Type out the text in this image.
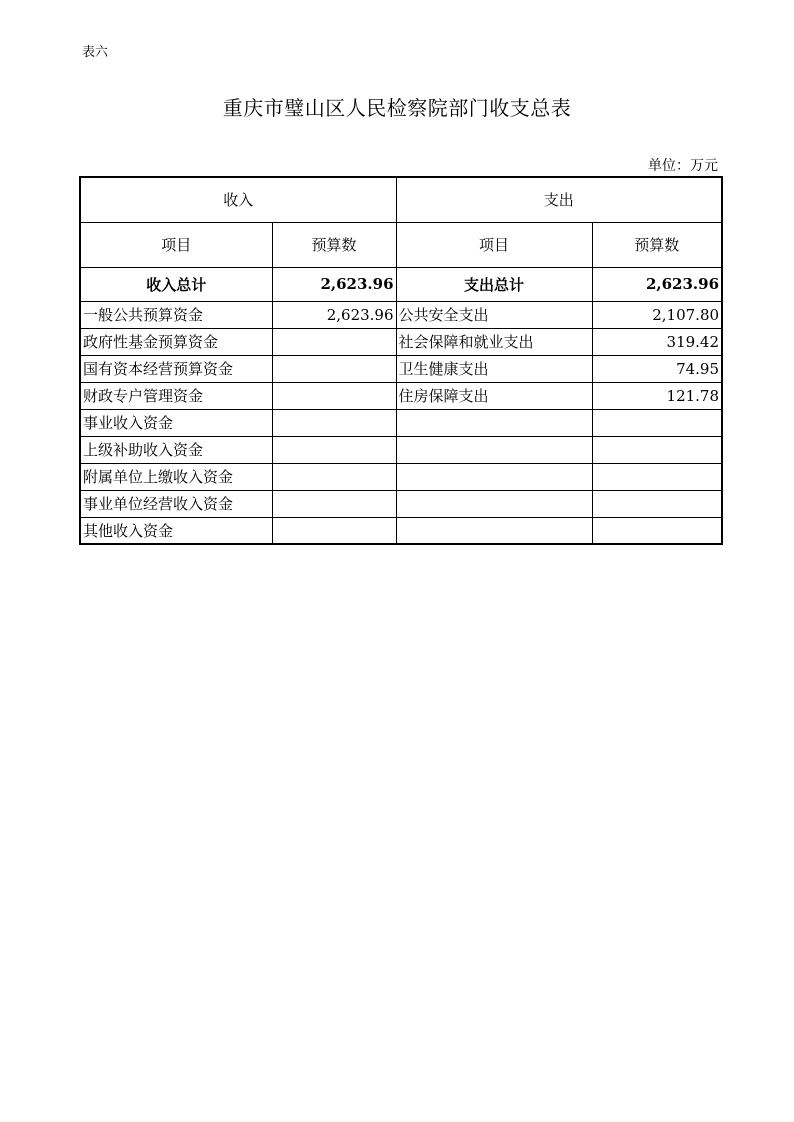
表六
重庆市璧山区人民检察院部门收支总表
单位：万元
收入		支出	
项目	预算数	项目	预算数
收入总计	2,623.96	支出总计	2,623.96
一般公共预算资金	2,623.96	公共安全支出	2,107.80
政府性基金预算资金		社会保障和就业支出	319.42
国有资本经营预算资金		卫生健康支出	74.95
财政专户管理资金		住房保障支出	121.78
事业收入资金			
上级补助收入资金			
附属单位上缴收入资金			
事业单位经营收入资金			
其他收入资金			
